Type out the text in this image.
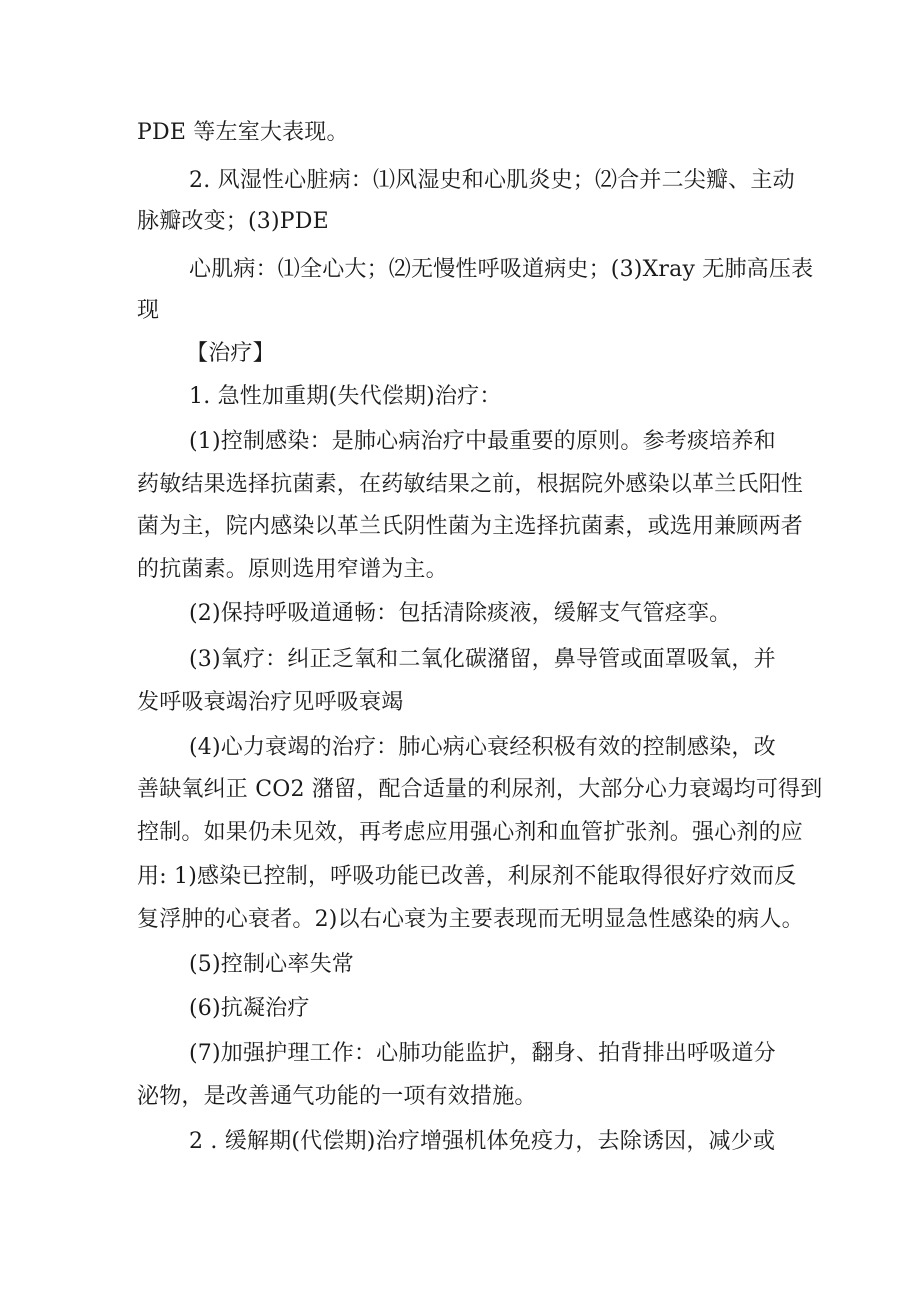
PDE 等左室大表现。
2. 风湿性心脏病：⑴风湿史和心肌炎史；⑵合并二尖瓣、主动
脉瓣改变；(3)PDE
心肌病：⑴全心大；⑵无慢性呼吸道病史；(3)Xray 无肺高压表
现
【治疗】
1. 急性加重期(失代偿期)治疗：
(1)控制感染：是肺心病治疗中最重要的原则。参考痰培养和
药敏结果选择抗菌素，在药敏结果之前，根据院外感染以革兰氏阳性
菌为主，院内感染以革兰氏阴性菌为主选择抗菌素，或选用兼顾两者
的抗菌素。原则选用窄谱为主。
(2)保持呼吸道通畅：包括清除痰液，缓解支气管痉挛。
(3)氧疗：纠正乏氧和二氧化碳潴留，鼻导管或面罩吸氧，并
发呼吸衰竭治疗见呼吸衰竭
(4)心力衰竭的治疗：肺心病心衰经积极有效的控制感染，改
善缺氧纠正 CO2 潴留，配合适量的利尿剂，大部分心力衰竭均可得到
控制。如果仍未见效，再考虑应用强心剂和血管扩张剂。强心剂的应
用: 1)感染已控制，呼吸功能已改善，利尿剂不能取得很好疗效而反
复浮肿的心衰者。2)以右心衰为主要表现而无明显急性感染的病人。
(5)控制心率失常
(6)抗凝治疗
(7)加强护理工作：心肺功能监护，翻身、拍背排出呼吸道分
泌物，是改善通气功能的一项有效措施。
2 . 缓解期(代偿期)治疗增强机体免疫力，去除诱因，减少或
